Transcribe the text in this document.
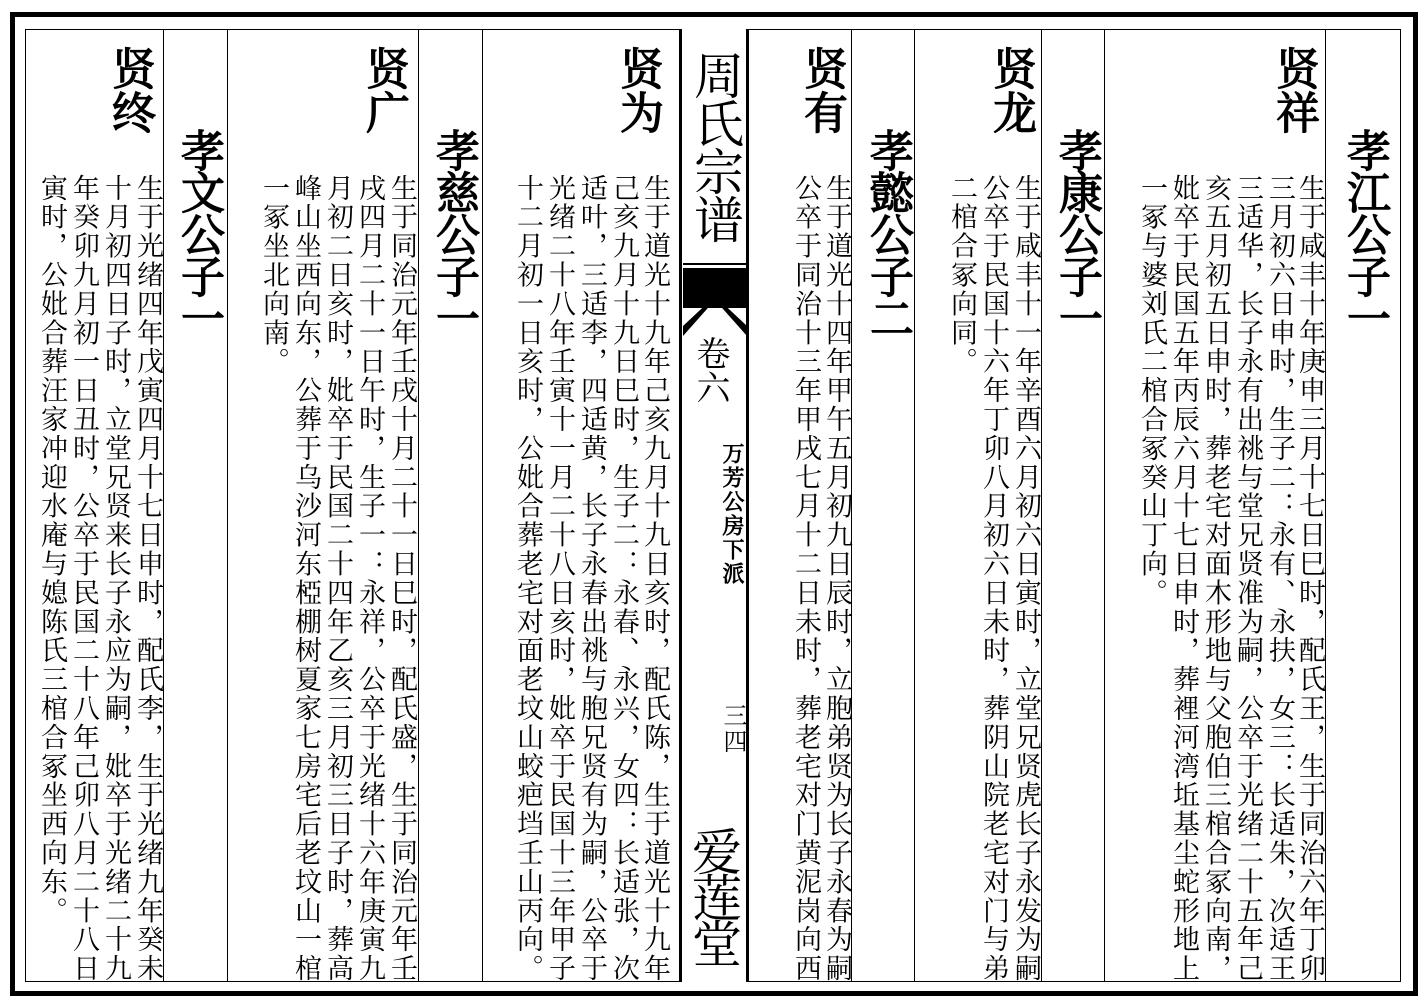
周氏宗谱
卷六
万芳公房下派
三四
爱莲堂
孝江公子一
贤祥
生于咸丰十年庚申三月十七日巳时，配氏王，生于同治六年丁卯
三月初六日申时，生子二：永有、永扶，女三：长适朱，次适王
三适华，长子永有出祧与堂兄贤准为嗣，公卒于光绪二十五年己
亥五月初五日申时，葬老宅对面木形地与父胞伯三棺合冢向南，
妣卒于民国五年丙辰六月十七日申时，葬裡河湾坵基尘蛇形地上
一冢与婆刘氏二棺合冢癸山丁向。
孝康公子一
贤龙
生于咸丰十一年辛酉六月初六日寅时，立堂兄贤虎长子永发为嗣
公卒于民国十六年丁卯八月初六日未时，葬阴山院老宅对门与弟
二棺合冢向同。
孝懿公子二
贤有
生于道光十四年甲午五月初九日辰时，立胞弟贤为长子永春为嗣
公卒于同治十三年甲戌七月十二日未时，葬老宅对门黄泥岗向西
贤为
生于道光十九年己亥九月十九日亥时，配氏陈，生于道光十九年
己亥九月十九日巳时，生子二：永春、永兴，女四：长适张，次
适叶，三适李，四适黄，长子永春出祧与胞兄贤有为嗣，公卒于
光绪二十八年壬寅十一月二十八日亥时，妣卒于民国十三年甲子
十二月初一日亥时，公妣合葬老宅对面老坟山蛟疤垱壬山丙向。
孝慈公子一
贤广
生于同治元年壬戌十月二十一日巳时，配氏盛，生于同治元年壬
戌四月二十一日午时，生子一：永祥，公卒于光绪十六年庚寅九
月初二日亥时，妣卒于民国二十四年乙亥三月初三日子时，葬高
峰山坐西向东，公葬于乌沙河东椏棚树夏家七房宅后老坟山一棺
一冢坐北向南。
孝文公子一
贤终
生于光绪四年戊寅四月十七日申时，配氏李，生于光绪九年癸未
十月初四日子时，立堂兄贤来长子永应为嗣，妣卒于光绪二十九
年癸卯九月初一日丑时，公卒于民国二十八年己卯八月二十八日
寅时，公妣合葬汪家冲迎水庵与媳陈氏三棺合冢坐西向东。
